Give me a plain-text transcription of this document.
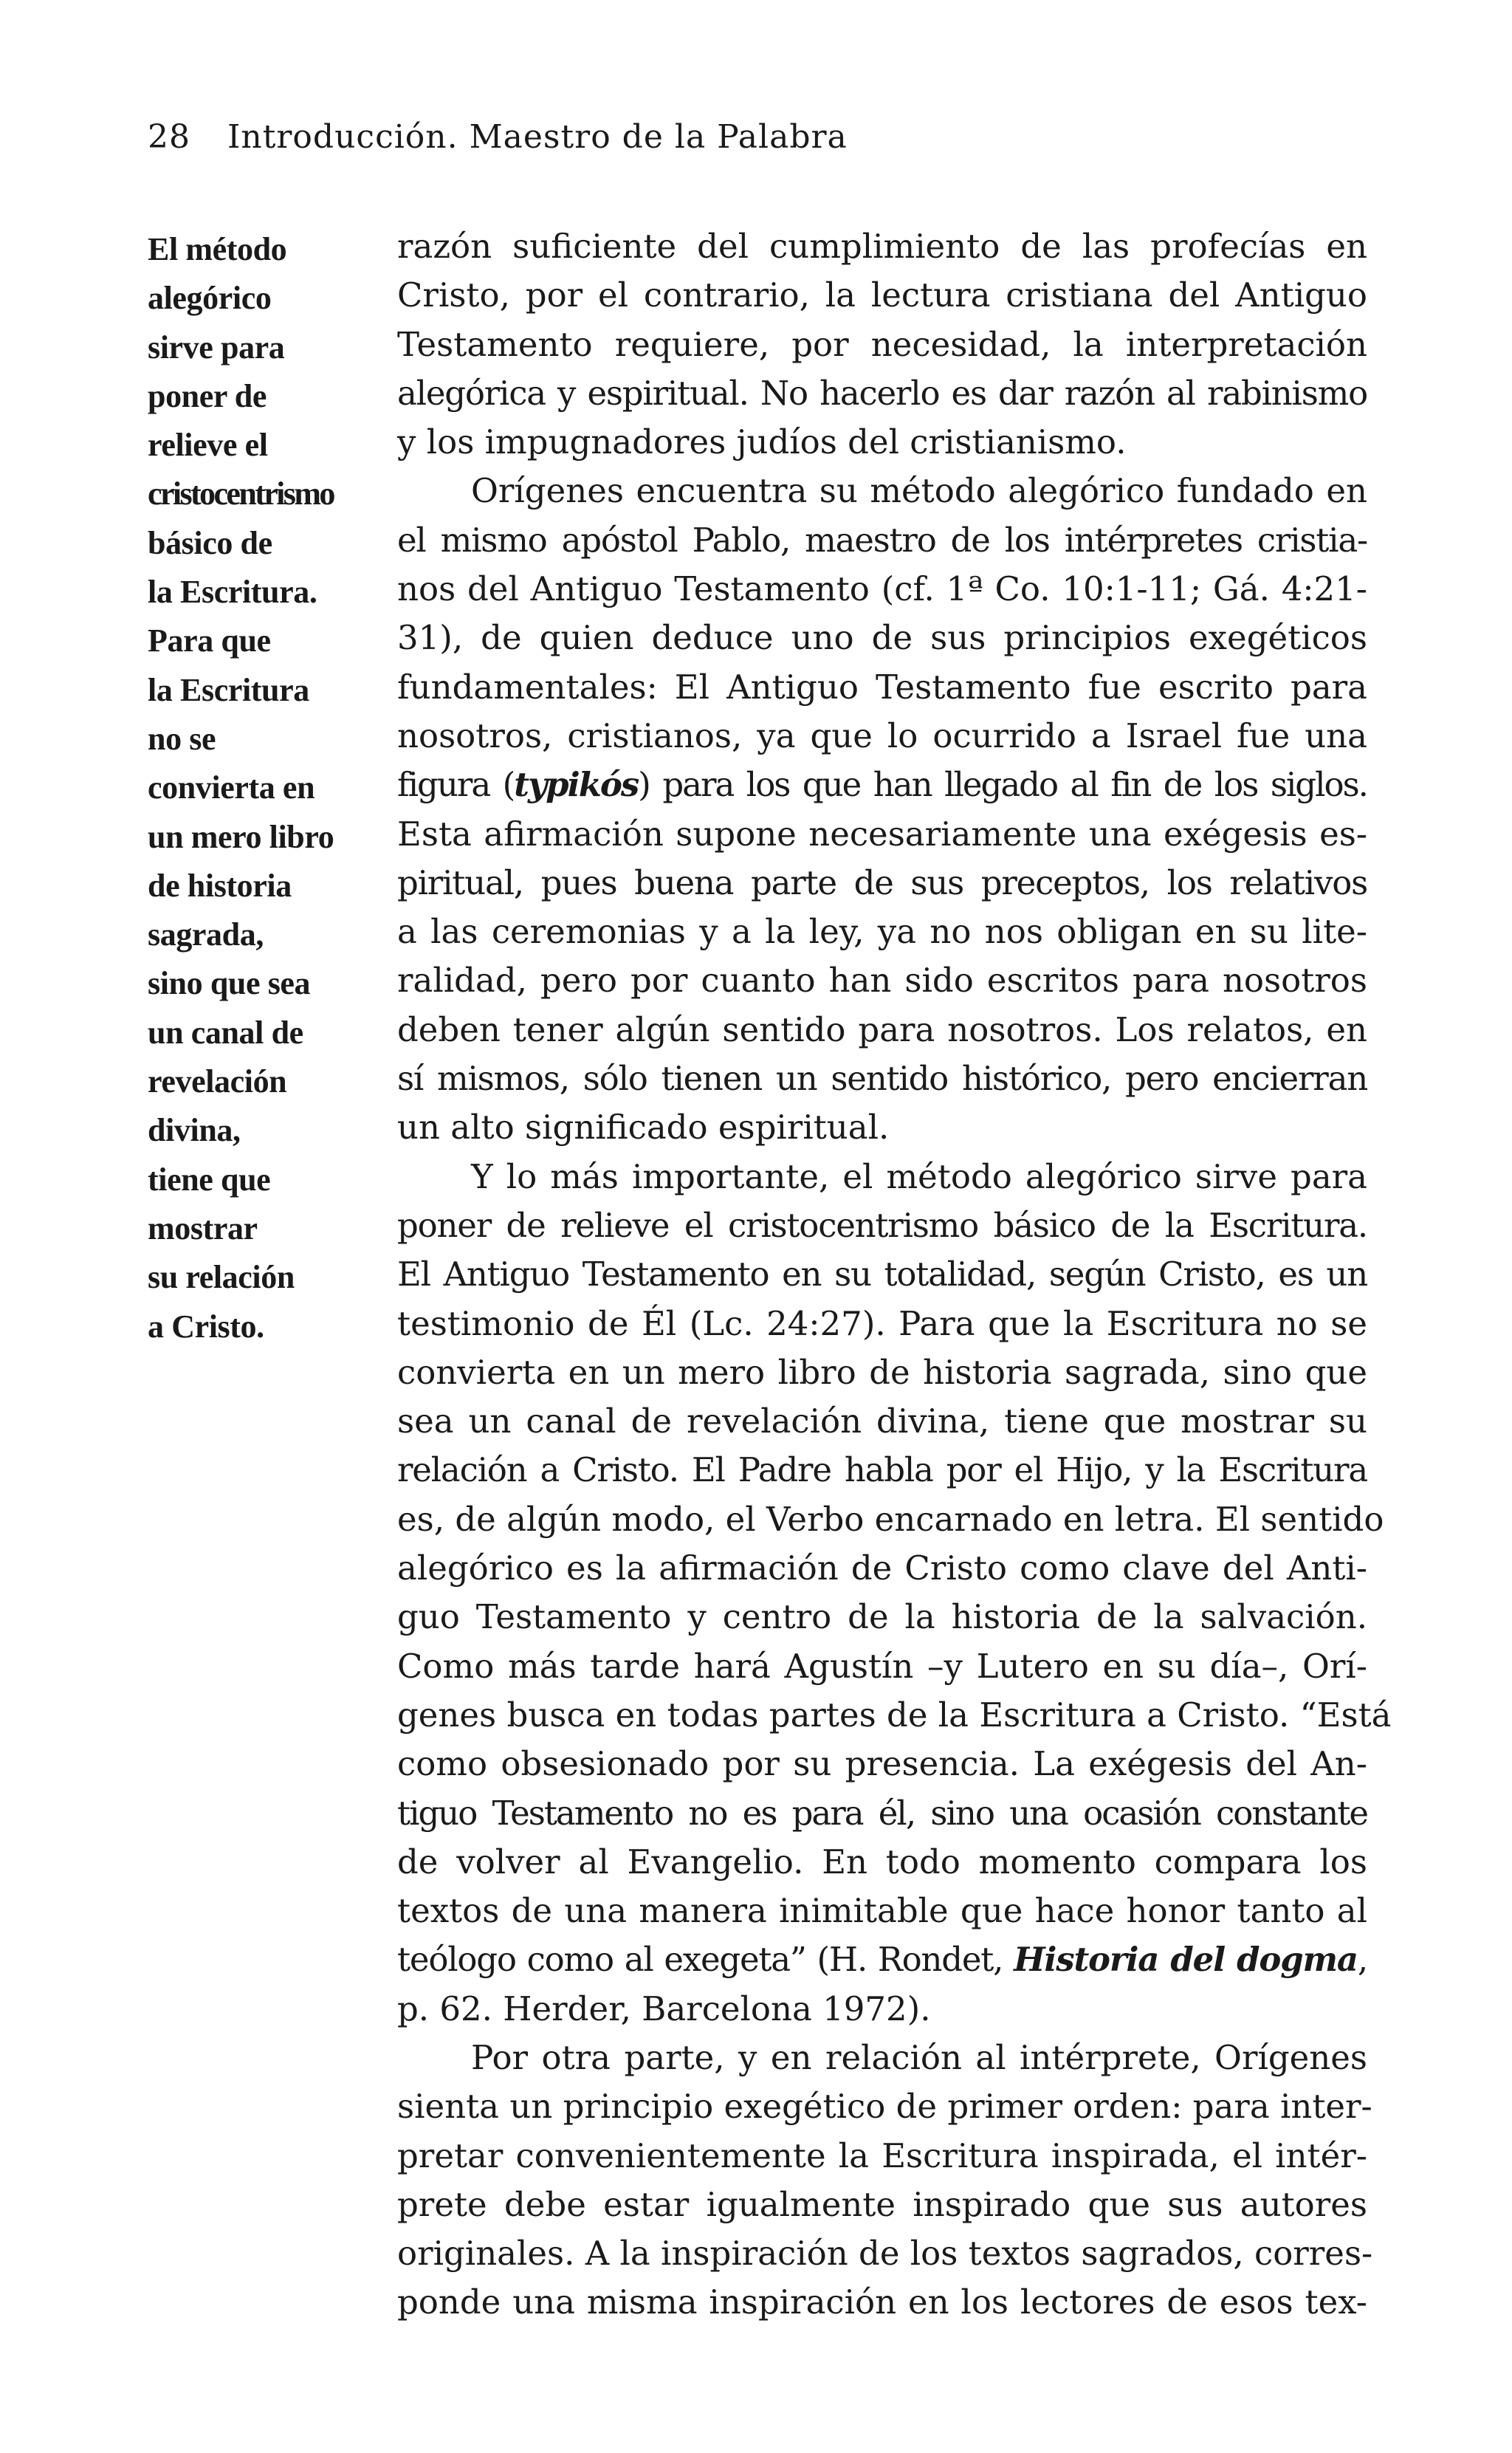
28 Introducción. Maestro de la Palabra
El método
alegórico
sirve para
poner de
relieve el
cristocentrismo
básico de
la Escritura.
Para que
la Escritura
no se
convierta en
un mero libro
de historia
sagrada,
sino que sea
un canal de
revelación
divina,
tiene que
mostrar
su relación
a Cristo.
razón suficiente del cumplimiento de las profecías en
Cristo, por el contrario, la lectura cristiana del Antiguo
Testamento requiere, por necesidad, la interpretación
alegórica y espiritual. No hacerlo es dar razón al rabinismo
y los impugnadores judíos del cristianismo.
Orígenes encuentra su método alegórico fundado en
el mismo apóstol Pablo, maestro de los intérpretes cristia-
nos del Antiguo Testamento (cf. 1ª Co. 10:1-11; Gá. 4:21-
31), de quien deduce uno de sus principios exegéticos
fundamentales: El Antiguo Testamento fue escrito para
nosotros, cristianos, ya que lo ocurrido a Israel fue una
figura (typikós) para los que han llegado al fin de los siglos.
Esta afirmación supone necesariamente una exégesis es-
piritual, pues buena parte de sus preceptos, los relativos
a las ceremonias y a la ley, ya no nos obligan en su lite-
ralidad, pero por cuanto han sido escritos para nosotros
deben tener algún sentido para nosotros. Los relatos, en
sí mismos, sólo tienen un sentido histórico, pero encierran
un alto significado espiritual.
Y lo más importante, el método alegórico sirve para
poner de relieve el cristocentrismo básico de la Escritura.
El Antiguo Testamento en su totalidad, según Cristo, es un
testimonio de Él (Lc. 24:27). Para que la Escritura no se
convierta en un mero libro de historia sagrada, sino que
sea un canal de revelación divina, tiene que mostrar su
relación a Cristo. El Padre habla por el Hijo, y la Escritura
es, de algún modo, el Verbo encarnado en letra. El sentido
alegórico es la afirmación de Cristo como clave del Anti-
guo Testamento y centro de la historia de la salvación.
Como más tarde hará Agustín –y Lutero en su día–, Orí-
genes busca en todas partes de la Escritura a Cristo. “Está
como obsesionado por su presencia. La exégesis del An-
tiguo Testamento no es para él, sino una ocasión constante
de volver al Evangelio. En todo momento compara los
textos de una manera inimitable que hace honor tanto al
teólogo como al exegeta” (H. Rondet, Historia del dogma,
p. 62. Herder, Barcelona 1972).
Por otra parte, y en relación al intérprete, Orígenes
sienta un principio exegético de primer orden: para inter-
pretar convenientemente la Escritura inspirada, el intér-
prete debe estar igualmente inspirado que sus autores
originales. A la inspiración de los textos sagrados, corres-
ponde una misma inspiración en los lectores de esos tex-
